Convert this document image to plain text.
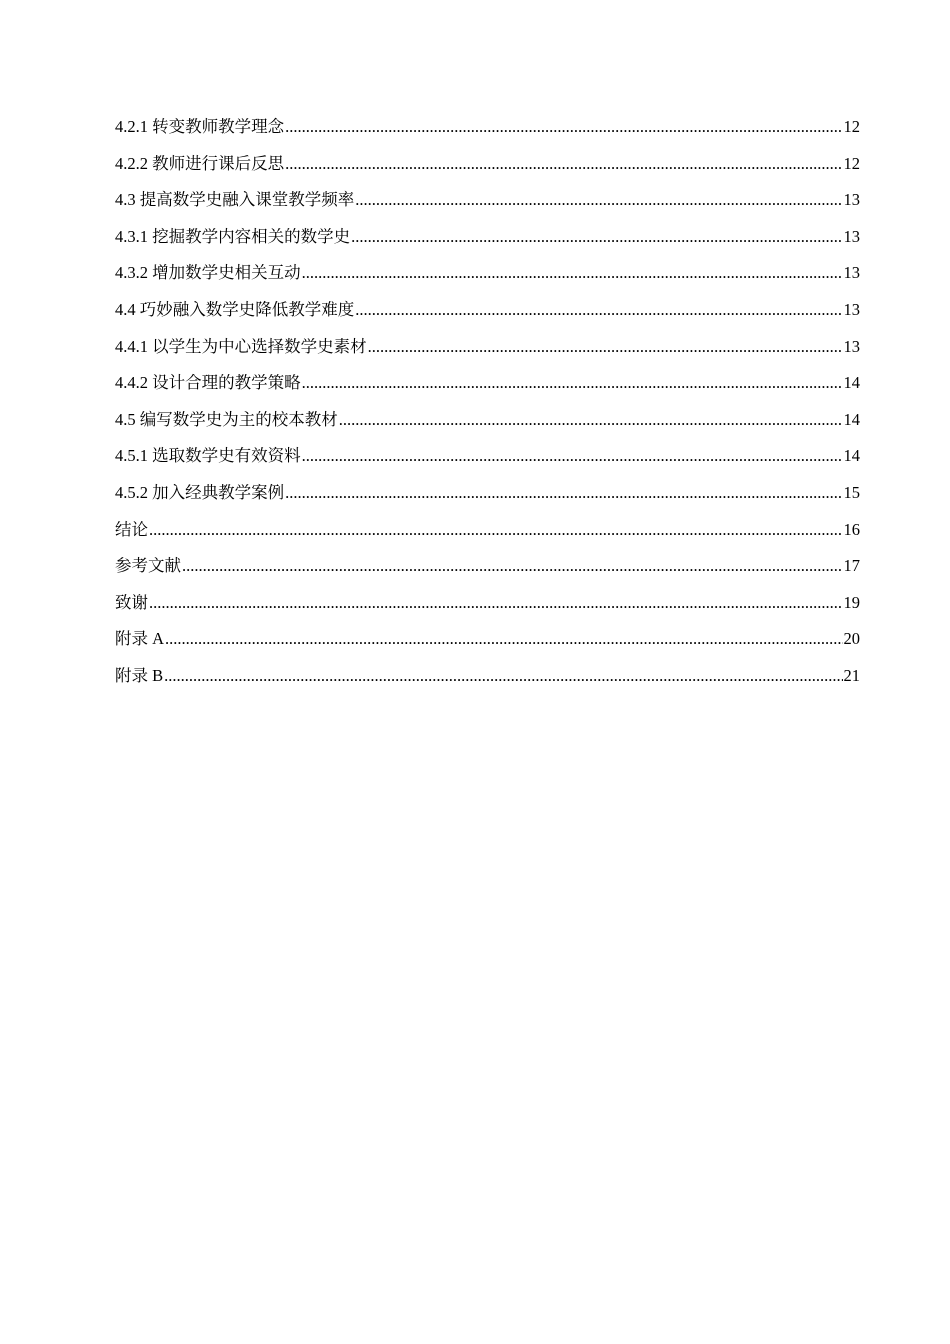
4.2.1 转变教师教学理念 .....	12
4.2.2 教师进行课后反思 .....	12
4.3 提高数学史融入课堂教学频率 .....	13
4.3.1 挖掘教学内容相关的数学史 .....	13
4.3.2 增加数学史相关互动 .....	13
4.4 巧妙融入数学史降低教学难度 .....	13
4.4.1 以学生为中心选择数学史素材 .....	13
4.4.2 设计合理的教学策略 .....	14
4.5 编写数学史为主的校本教材 .....	14
4.5.1 选取数学史有效资料 .....	14
4.5.2 加入经典教学案例 .....	15
结论 .....	16
参考文献 .....	17
致谢 .....	19
附录 A .....	20
附录 B .....	21
